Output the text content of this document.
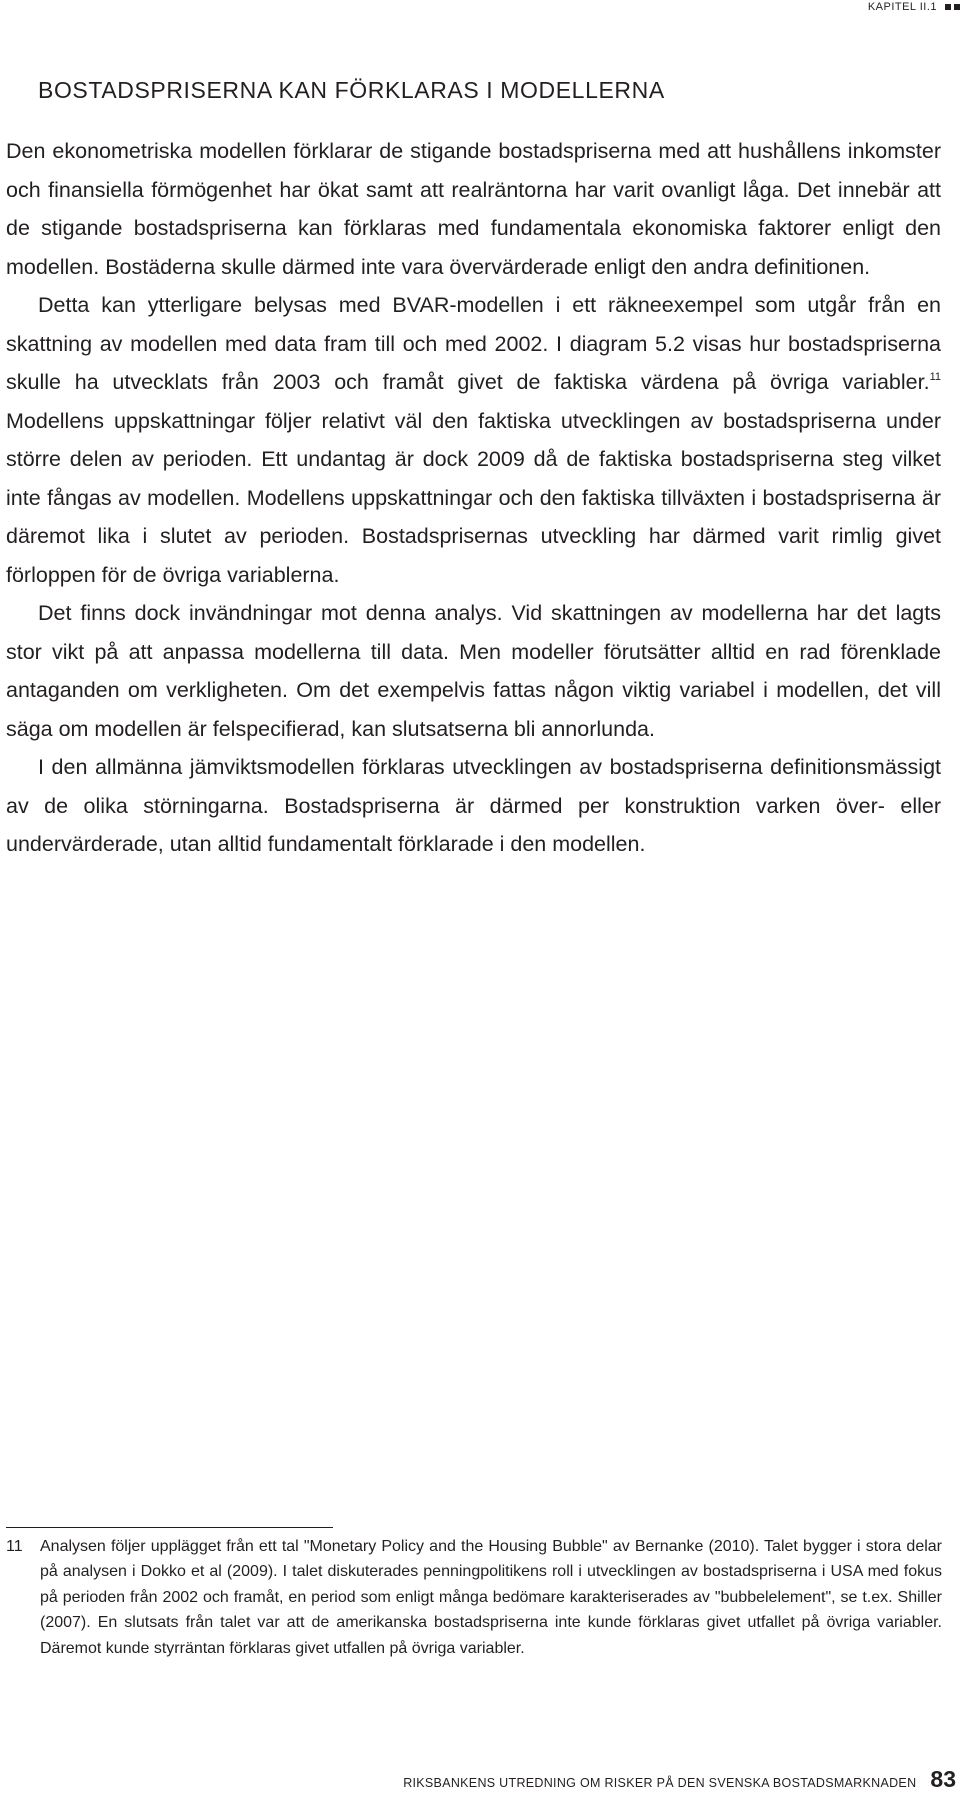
KAPITEL II.1
BOSTADSPRISERNA KAN FÖRKLARAS I MODELLERNA

Den ekonometriska modellen förklarar de stigande bostadspriserna med att hushållens inkomster och finansiella förmögenhet har ökat samt att realräntorna har varit ovanligt låga. Det innebär att de stigande bostadspriserna kan förklaras med fundamentala ekonomiska faktorer enligt den modellen. Bostäderna skulle därmed inte vara övervärderade enligt den andra definitionen.

Detta kan ytterligare belysas med BVAR-modellen i ett räkneexempel som utgår från en skattning av modellen med data fram till och med 2002. I diagram 5.2 visas hur bostadspriserna skulle ha utvecklats från 2003 och framåt givet de faktiska värdena på övriga variabler.$^{11}$ Modellens uppskattningar följer relativt väl den faktiska utvecklingen av bostadspriserna under större delen av perioden. Ett undantag är dock 2009 då de faktiska bostadspriserna steg vilket inte fångas av modellen. Modellens uppskattningar och den faktiska tillväxten i bostadspriserna är däremot lika i slutet av perioden. Bostadsprisernas utveckling har därmed varit rimlig givet förloppen för de övriga variablerna.

Det finns dock invändningar mot denna analys. Vid skattningen av modellerna har det lagts stor vikt på att anpassa modellerna till data. Men modeller förutsätter alltid en rad förenklade antaganden om verkligheten. Om det exempelvis fattas någon viktig variabel i modellen, det vill säga om modellen är felspecifierad, kan slutsatserna bli annorlunda.

I den allmänna jämviktsmodellen förklaras utvecklingen av bostadspriserna definitionsmässigt av de olika störningarna. Bostadspriserna är därmed per konstruktion varken över- eller undervärderade, utan alltid fundamentalt förklarade i den modellen.

11	Analysen följer upplägget från ett tal "Monetary Policy and the Housing Bubble" av Bernanke (2010). Talet bygger i stora delar på analysen i Dokko et al (2009). I talet diskuterades penningpolitikens roll i utvecklingen av bostadspriserna i USA med fokus på perioden från 2002 och framåt, en period som enligt många bedömare karakteriserades av "bubbelelement", se t.ex. Shiller (2007). En slutsats från talet var att de amerikanska bostadspriserna inte kunde förklaras givet utfallet på övriga variabler. Däremot kunde styrräntan förklaras givet utfallen på övriga variabler.
RIKSBANKENS UTREDNING OM RISKER PÅ DEN SVENSKA BOSTADSMARKNADEN 83
